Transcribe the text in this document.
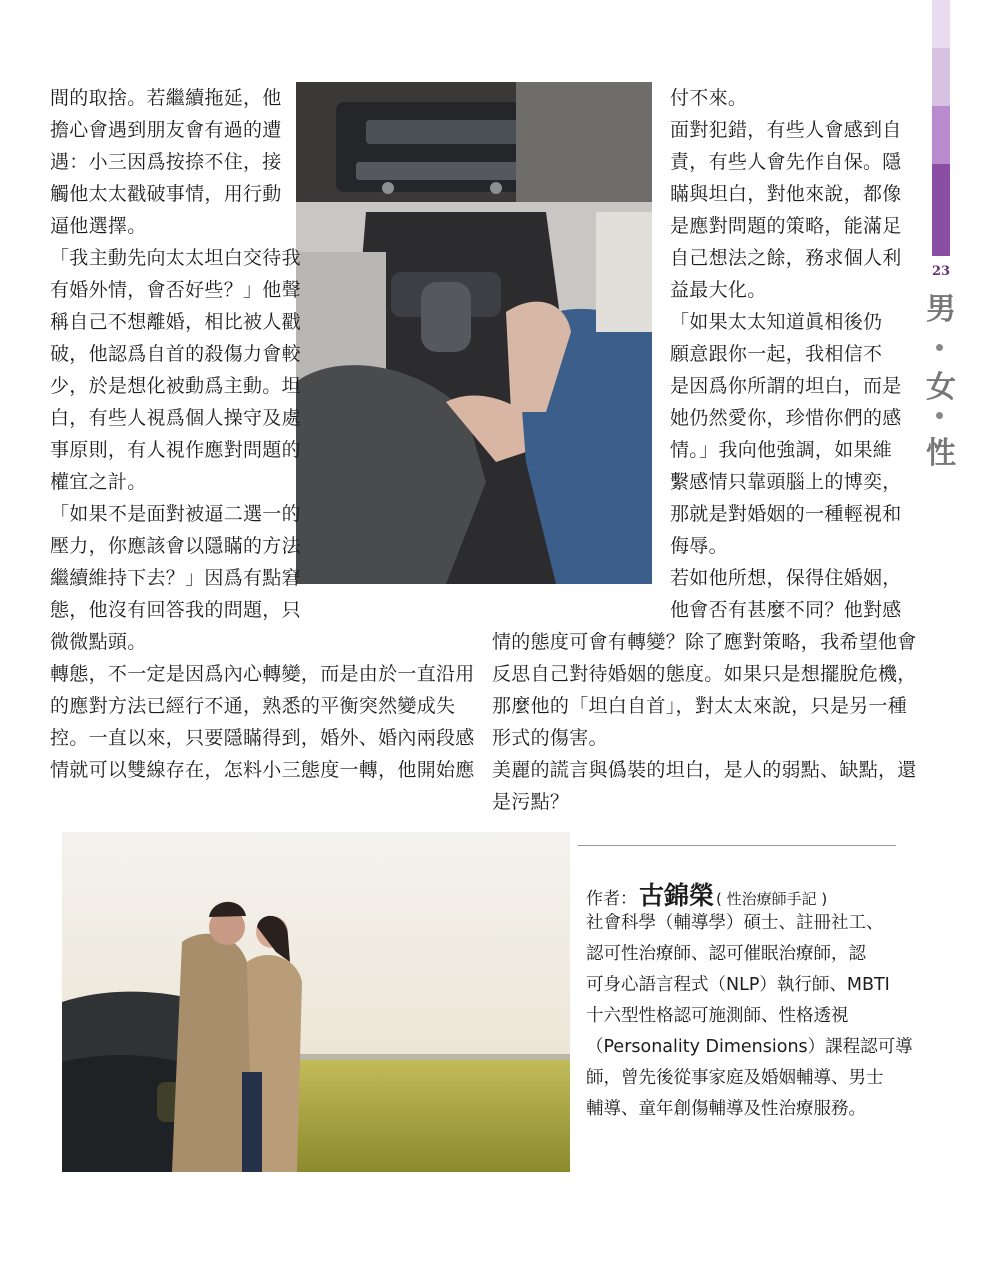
23
男
女
性
間的取捨。若繼續拖延，他
擔心會遇到朋友會有過的遭
遇：小三因爲按捺不住，接
觸他太太戳破事情，用行動
逼他選擇。
「我主動先向太太坦白交待我
有婚外情，會否好些？」他聲
稱自己不想離婚，相比被人戳
破，他認爲自首的殺傷力會較
少，於是想化被動爲主動。坦
白，有些人視爲個人操守及處
事原則，有人視作應對問題的
權宜之計。
「如果不是面對被逼二選一的
壓力，你應該會以隱瞞的方法
繼續維持下去？」因爲有點窘
態，他沒有回答我的問題，只
微微點頭。
轉態，不一定是因爲內心轉變，而是由於一直沿用
的應對方法已經行不通，熟悉的平衡突然變成失
控。一直以來，只要隱瞞得到，婚外、婚內兩段感
情就可以雙線存在，怎料小三態度一轉，他開始應
付不來。
面對犯錯，有些人會感到自
責，有些人會先作自保。隱
瞞與坦白，對他來說，都像
是應對問題的策略，能滿足
自己想法之餘，務求個人利
益最大化。
「如果太太知道眞相後仍
願意跟你一起，我相信不
是因爲你所謂的坦白，而是
她仍然愛你，珍惜你們的感
情。」我向他強調，如果維
繫感情只靠頭腦上的博奕，
那就是對婚姻的一種輕視和
侮辱。
若如他所想，保得住婚姻，
他會否有甚麼不同？他對感
情的態度可會有轉變？除了應對策略，我希望他會
反思自己對待婚姻的態度。如果只是想擺脫危機，
那麼他的「坦白自首」，對太太來說，只是另一種
形式的傷害。
美麗的謊言與僞裝的坦白，是人的弱點、缺點，還
是污點？
作者：古錦榮 ( 性治療師手記 )
社會科學（輔導學）碩士、註冊社工、
認可性治療師、認可催眠治療師，認
可身心語言程式（NLP）執行師、MBTI
十六型性格認可施測師、性格透視
（Personality Dimensions）課程認可導
師，曾先後從事家庭及婚姻輔導、男士
輔導、童年創傷輔導及性治療服務。
